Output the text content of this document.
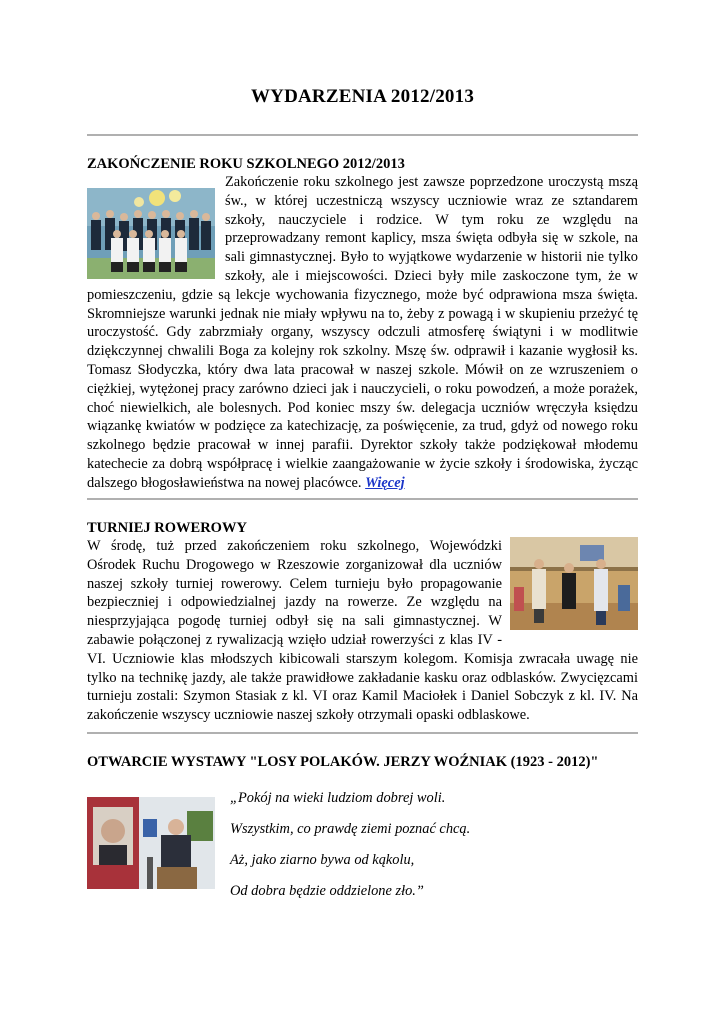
WYDARZENIA 2012/2013
ZAKOŃCZENIE ROKU SZKOLNEGO 2012/2013
Zakończenie roku szkolnego jest zawsze poprzedzone uroczystą mszą św., w której uczestniczą wszyscy uczniowie wraz ze sztandarem szkoły, nauczyciele i rodzice. W tym roku ze względu na przeprowadzany remont kaplicy, msza święta odbyła się w szkole, na sali gimnastycznej. Było to wyjątkowe wydarzenie w historii nie tylko szkoły, ale i miejscowości. Dzieci były mile zaskoczone tym, że w pomieszczeniu, gdzie są lekcje wychowania fizycznego, może być odprawiona msza święta. Skromniejsze warunki jednak nie miały wpływu na to, żeby z powagą i w skupieniu przeżyć tę uroczystość. Gdy zabrzmiały organy, wszyscy odczuli atmosferę świątyni i w modlitwie dziękczynnej chwalili Boga za kolejny rok szkolny. Mszę św. odprawił i kazanie wygłosił ks. Tomasz Słodyczka, który dwa lata pracował w naszej szkole. Mówił on ze wzruszeniem o ciężkiej, wytężonej pracy zarówno dzieci jak i nauczycieli, o roku powodzeń, a może porażek, choć niewielkich, ale bolesnych. Pod koniec mszy św. delegacja uczniów wręczyła księdzu wiązankę kwiatów w podzięce za katechizację, za poświęcenie, za trud, gdyż od nowego roku szkolnego będzie pracował w innej parafii. Dyrektor szkoły także podziękował młodemu katechecie za dobrą współpracę i wielkie zaangażowanie w życie szkoły i środowiska, życząc dalszego błogosławieństwa na nowej placówce. Więcej
TURNIEJ ROWEROWY
W środę, tuż przed zakończeniem roku szkolnego, Wojewódzki Ośrodek Ruchu Drogowego w Rzeszowie zorganizował dla uczniów naszej szkoły turniej rowerowy. Celem turnieju było propagowanie bezpieczniej i odpowiedzialnej jazdy na rowerze. Ze względu na niesprzyjająca pogodę turniej odbył się na sali gimnastycznej. W zabawie połączonej z rywalizacją wzięło udział rowerzyści z klas IV - VI. Uczniowie klas młodszych kibicowali starszym kolegom. Komisja zwracała uwagę nie tylko na technikę jazdy, ale także prawidłowe zakładanie kasku oraz odblasków. Zwycięzcami turnieju zostali: Szymon Stasiak z kl. VI oraz Kamil Maciołek i Daniel Sobczyk z kl. IV. Na zakończenie wszyscy uczniowie naszej szkoły otrzymali opaski odblaskowe.
OTWARCIE WYSTAWY "LOSY POLAKÓW. JERZY WOŹNIAK (1923 - 2012)"
„Pokój na wieki ludziom dobrej woli.
Wszystkim, co prawdę ziemi poznać chcą.
Aż, jako ziarno bywa od kąkolu,
Od dobra będzie oddzielone zło.”
